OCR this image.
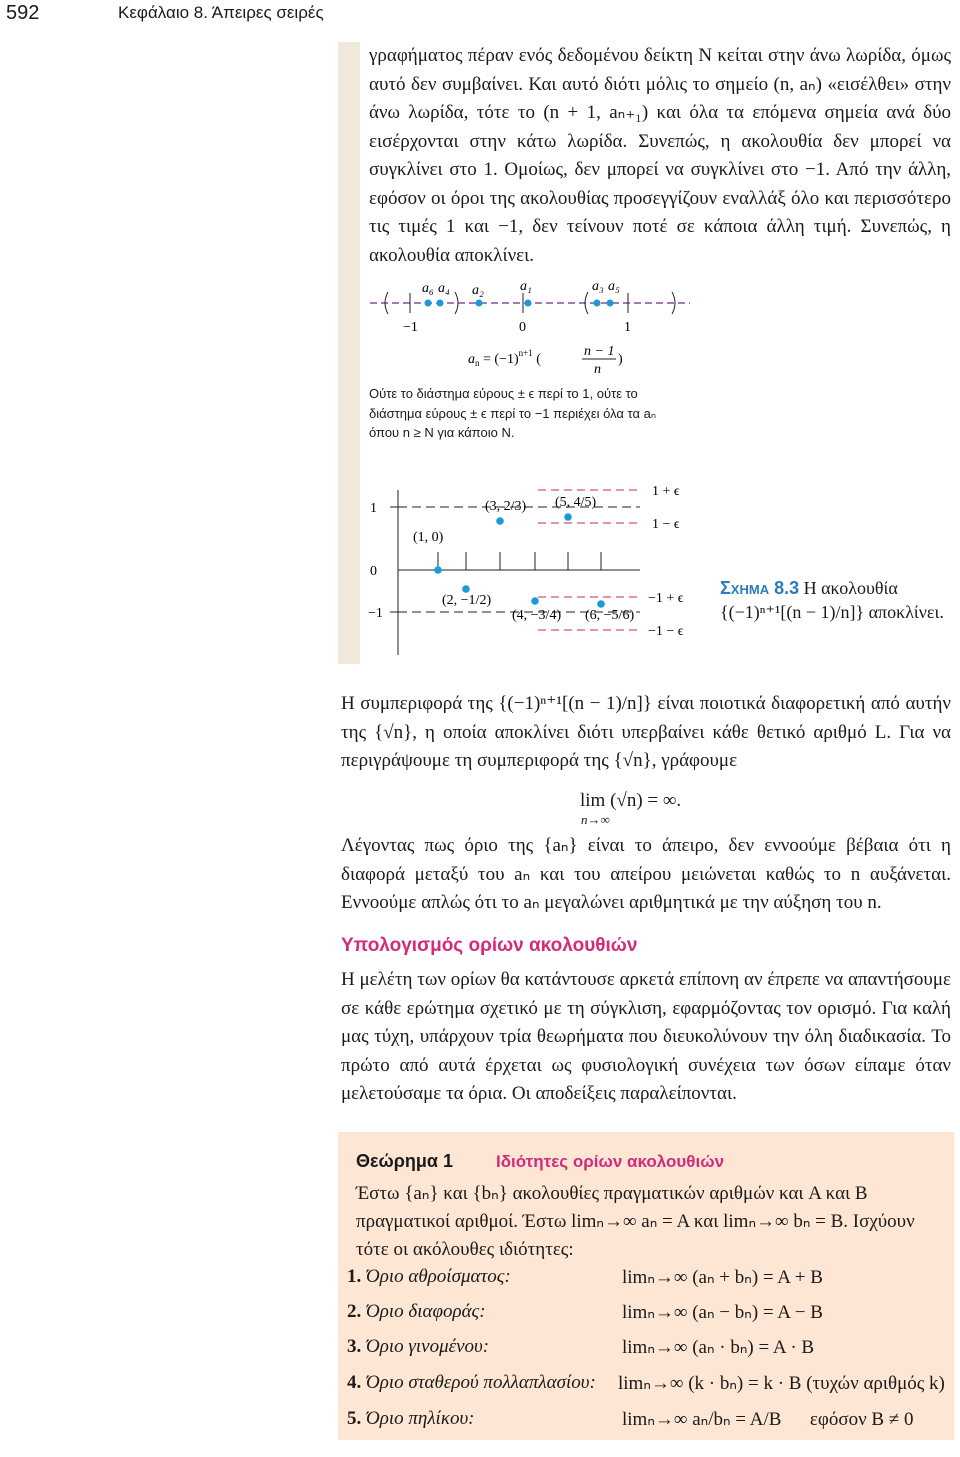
592	Κεφάλαιο 8. Άπειρες σειρές
γραφήματος πέραν ενός δεδομένου δείκτη N κείται στην άνω λωρίδα, όμως αυτό δεν συμβαίνει. Και αυτό διότι μόλις το σημείο (n, aₙ) «εισέλθει» στην άνω λωρίδα, τότε το (n + 1, aₙ₊₁) και όλα τα επόμενα σημεία ανά δύο εισέρχονται στην κάτω λωρίδα. Συνεπώς, η ακολουθία δεν μπορεί να συγκλίνει στο 1. Ομοίως, δεν μπορεί να συγκλίνει στο −1. Από την άλλη, εφόσον οι όροι της ακολουθίας προσεγγίζουν εναλλάξ όλο και περισσότερο τις τιμές 1 και −1, δεν τείνουν ποτέ σε κάποια άλλη τιμή. Συνεπώς, η ακολουθία αποκλίνει.
a₆ a₄ a₂	a₁	a₃ a₅
−1	0	1
$a_n = (-1)^{n+1}$ (
n − 1
n
)
Ούτε το διάστημα εύρους ± ϵ περί το 1, ούτε το διάστημα εύρους ± ϵ περί το −1 περιέχει όλα τα aₙ όπου n ≥ N για κάποιο N.
1
0
−1
(1, 0)
(2, −1/2)
(3, 2/3)
(4, −3/4)
(5, 4/5)
(6, −5/6)
1 + ϵ
1 − ϵ
−1 + ϵ
−1 − ϵ
Σχημα 8.3 Η ακολουθία {(−1)ⁿ⁺¹[(n − 1)/n]} αποκλίνει.
Η συμπεριφορά της {(−1)ⁿ⁺¹[(n − 1)/n]} είναι ποιοτικά διαφορετική από αυτήν της {√n}, η οποία αποκλίνει διότι υπερβαίνει κάθε θετικό αριθμό L. Για να περιγράψουμε τη συμπεριφορά της {√n}, γράφουμε
lim (√n) = ∞.
n→∞
Λέγοντας πως όριο της {aₙ} είναι το άπειρο, δεν εννοούμε βέβαια ότι η διαφορά μεταξύ του aₙ και του απείρου μειώνεται καθώς το n αυξάνεται. Εννοούμε απλώς ότι το aₙ μεγαλώνει αριθμητικά με την αύξηση του n.
Υπολογισμός ορίων ακολουθιών
Η μελέτη των ορίων θα κατάντουσε αρκετά επίπονη αν έπρεπε να απαντήσουμε σε κάθε ερώτημα σχετικό με τη σύγκλιση, εφαρμόζοντας τον ορισμό. Για καλή μας τύχη, υπάρχουν τρία θεωρήματα που διευκολύνουν την όλη διαδικασία. Το πρώτο από αυτά έρχεται ως φυσιολογική συνέχεια των όσων είπαμε όταν μελετούσαμε τα όρια. Οι αποδείξεις παραλείπονται.
Θεώρημα 1	Ιδιότητες ορίων ακολουθιών
Έστω {aₙ} και {bₙ} ακολουθίες πραγματικών αριθμών και A και B πραγματικοί αριθμοί. Έστω limₙ→∞ aₙ = A και limₙ→∞ bₙ = B. Ισχύουν τότε οι ακόλουθες ιδιότητες:
1. Όριο αθροίσματος:	limₙ→∞ (aₙ + bₙ) = A + B
2. Όριο διαφοράς:	limₙ→∞ (aₙ − bₙ) = A − B
3. Όριο γινομένου:	limₙ→∞ (aₙ · bₙ) = A · B
4. Όριο σταθερού πολλαπλασίου: limₙ→∞ (k · bₙ) = k · B (τυχών αριθμός k)
5. Όριο πηλίκου:	limₙ→∞ aₙ/bₙ = A/B      εφόσον B ≠ 0
